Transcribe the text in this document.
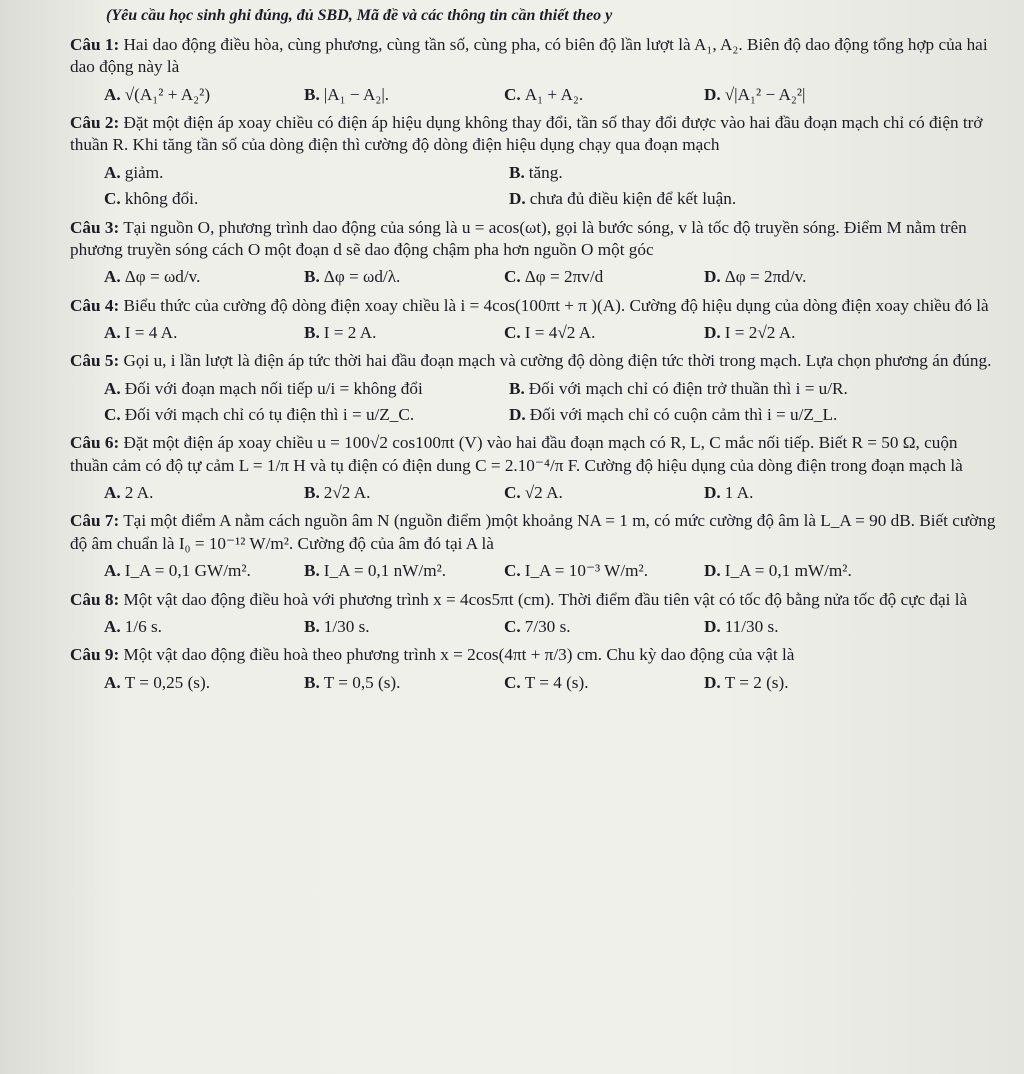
(Yêu cầu học sinh ghi đúng, đủ SBD, Mã đề và các thông tin cần thiết theo y
Câu 1: Hai dao động điều hòa, cùng phương, cùng tần số, cùng pha, có biên độ lần lượt là A₁, A₂. Biên độ dao động tổng hợp của hai dao động này là
A. √(A₁² + A₂²)	B. |A₁ − A₂|.	C. A₁ + A₂.	D. √|A₁² − A₂²|
Câu 2: Đặt một điện áp xoay chiều có điện áp hiệu dụng không thay đổi, tần số thay đổi được vào hai đầu đoạn mạch chỉ có điện trở thuần R. Khi tăng tần số của dòng điện thì cường độ dòng điện hiệu dụng chạy qua đoạn mạch
A. giảm.	B. tăng.
C. không đổi.	D. chưa đủ điều kiện để kết luận.
Câu 3: Tại nguồn O, phương trình dao động của sóng là u = acos(ωt), gọi là bước sóng, v là tốc độ truyền sóng. Điểm M nằm trên phương truyền sóng cách O một đoạn d sẽ dao động chậm pha hơn nguồn O một góc
A. Δφ = ωd/v.	B. Δφ = ωd/λ.	C. Δφ = 2πv/d	D. Δφ = 2πd/v.
Câu 4: Biểu thức của cường độ dòng điện xoay chiều là i = 4cos(100πt + π )(A). Cường độ hiệu dụng của dòng điện xoay chiều đó là
A. I = 4 A.	B. I = 2 A.	C. I = 4√2 A.	D. I = 2√2 A.
Câu 5: Gọi u, i lần lượt là điện áp tức thời hai đầu đoạn mạch và cường độ dòng điện tức thời trong mạch. Lựa chọn phương án đúng.
A. Đối với đoạn mạch nối tiếp u/i = không đổi	B. Đối với mạch chỉ có điện trở thuần thì i = u/R.
C. Đối với mạch chỉ có tụ điện thì i = u/Z_C.	D. Đối với mạch chỉ có cuộn cảm thì i = u/Z_L.
Câu 6: Đặt một điện áp xoay chiều u = 100√2 cos100πt (V) vào hai đầu đoạn mạch có R, L, C mắc nối tiếp. Biết R = 50 Ω, cuộn thuần cảm có độ tự cảm L = 1/π H và tụ điện có điện dung C = 2.10⁻⁴/π F. Cường độ hiệu dụng của dòng điện trong đoạn mạch là
A. 2 A.	B. 2√2 A.	C. √2 A.	D. 1 A.
Câu 7: Tại một điểm A nằm cách nguồn âm N (nguồn điểm )một khoảng NA = 1 m, có mức cường độ âm là L_A = 90 dB. Biết cường độ âm chuẩn là I₀ = 10⁻¹² W/m². Cường độ của âm đó tại A là
A. I_A = 0,1 GW/m².	B. I_A = 0,1 nW/m².	C. I_A = 10⁻³ W/m².	D. I_A = 0,1 mW/m².
Câu 8: Một vật dao động điều hoà với phương trình x = 4cos5πt (cm). Thời điểm đầu tiên vật có tốc độ bằng nửa tốc độ cực đại là
A. 1/6 s.	B. 1/30 s.	C. 7/30 s.	D. 11/30 s.
Câu 9: Một vật dao động điều hoà theo phương trình x = 2cos(4πt + π/3) cm. Chu kỳ dao động của vật là
A. T = 0,25 (s).	B. T = 0,5 (s).	C. T = 4 (s).	D. T = 2 (s).
